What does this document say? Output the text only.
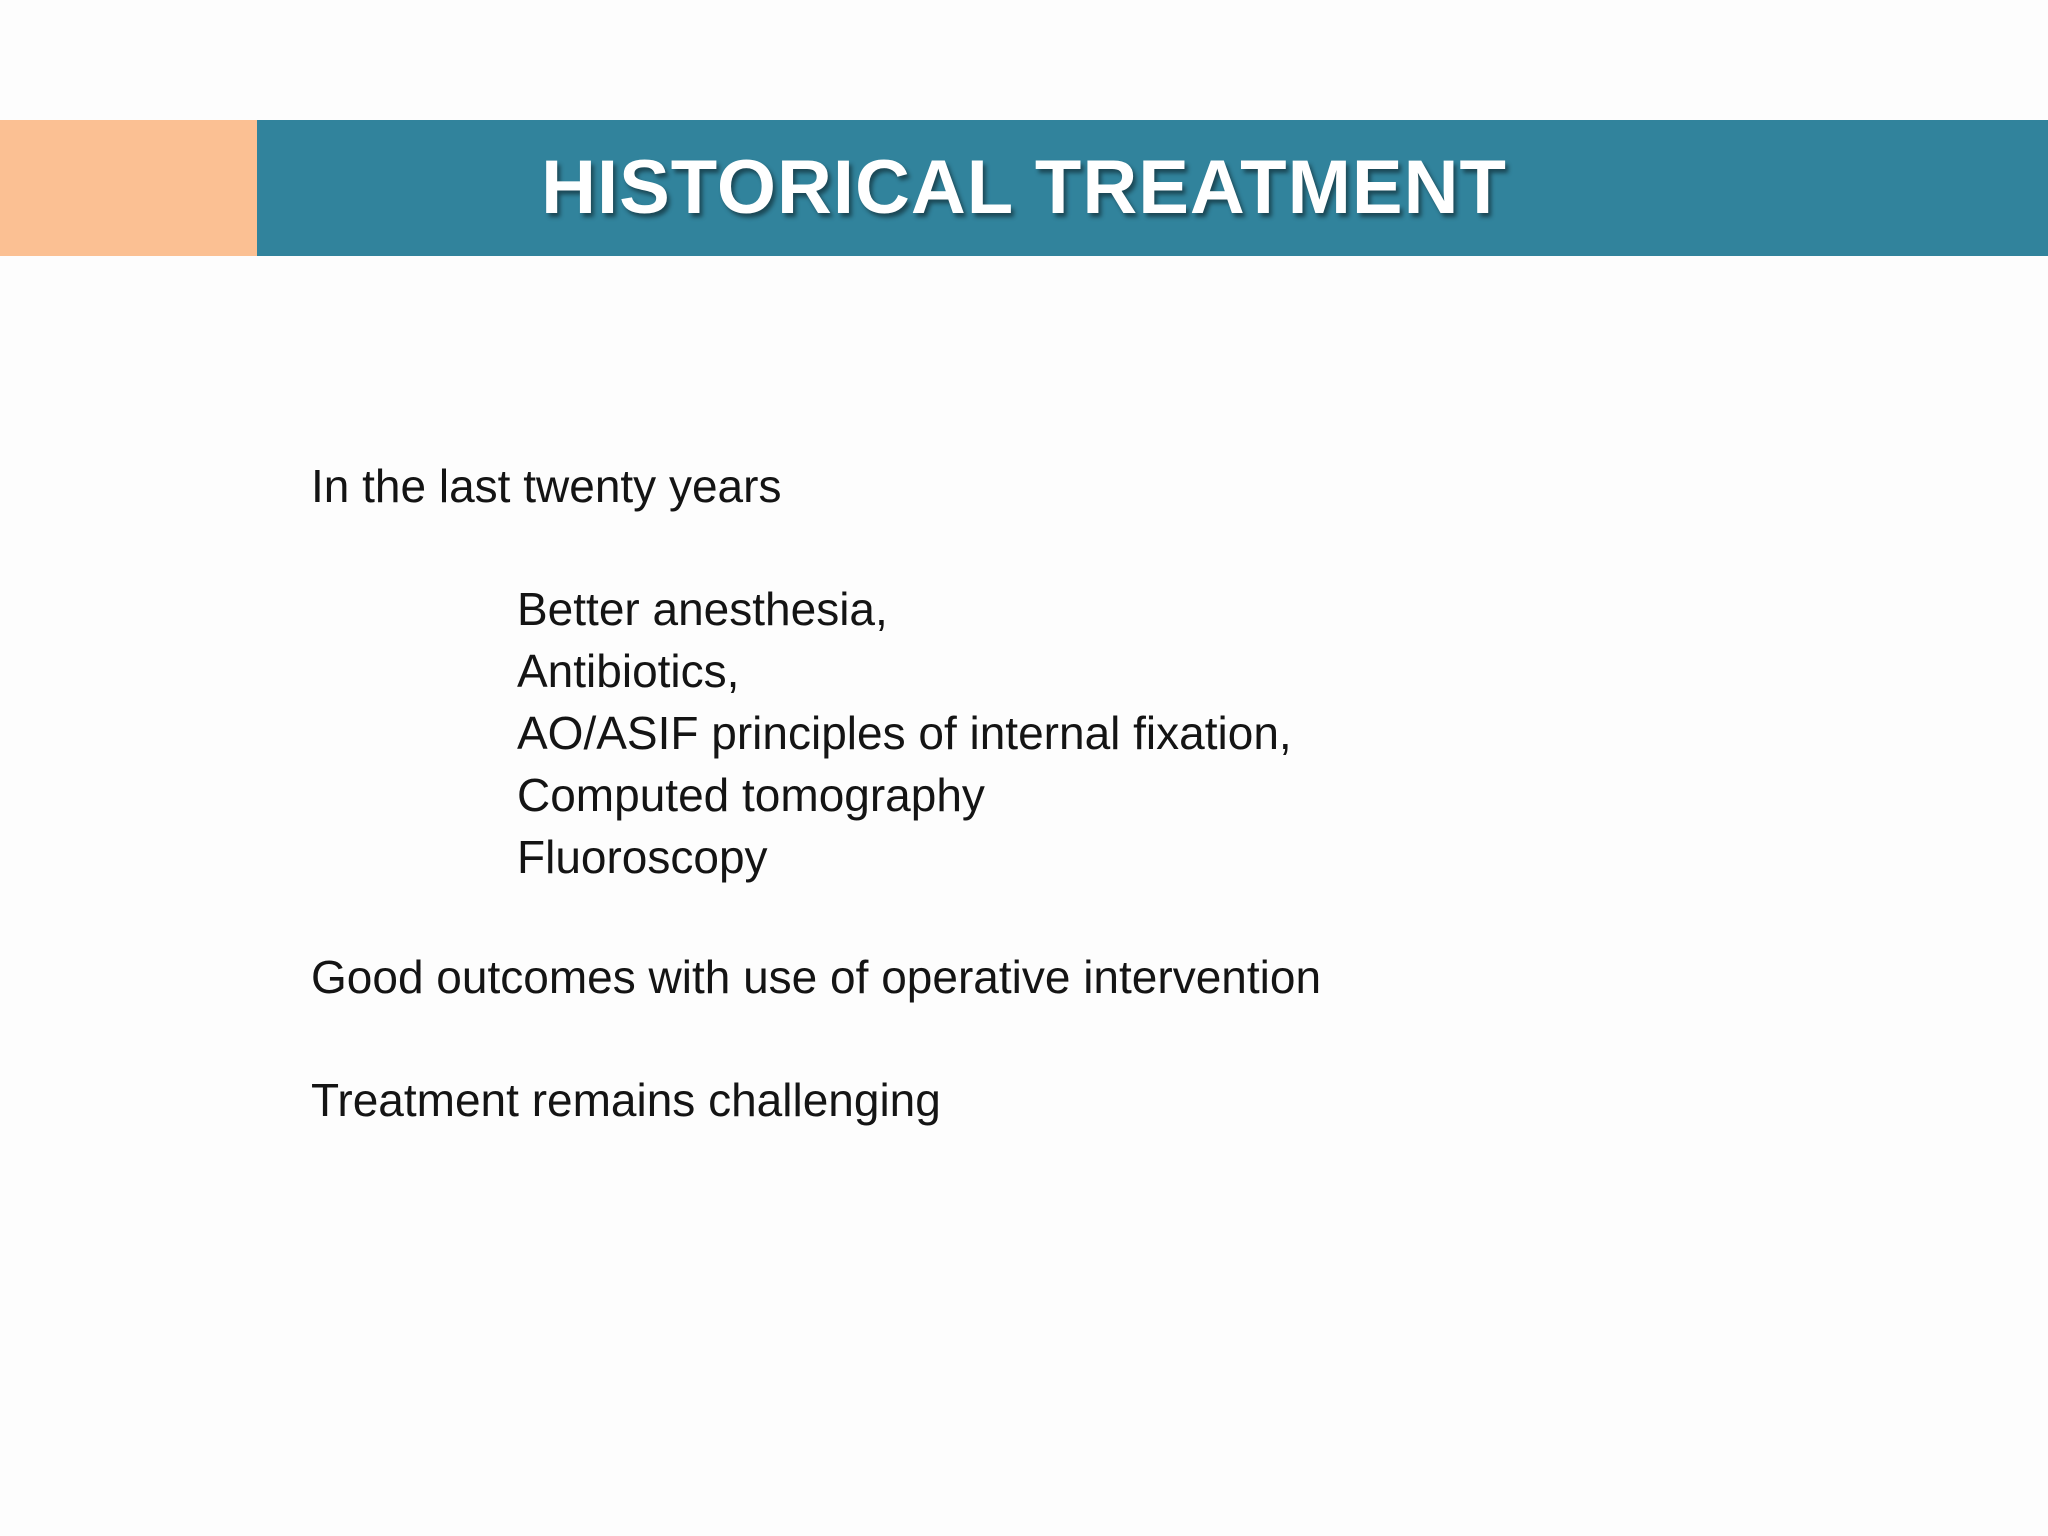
HISTORICAL TREATMENT
In the last twenty years
Better anesthesia,
Antibiotics,
AO/ASIF principles of internal fixation,
Computed tomography
Fluoroscopy
Good outcomes with use of operative intervention
Treatment remains challenging
